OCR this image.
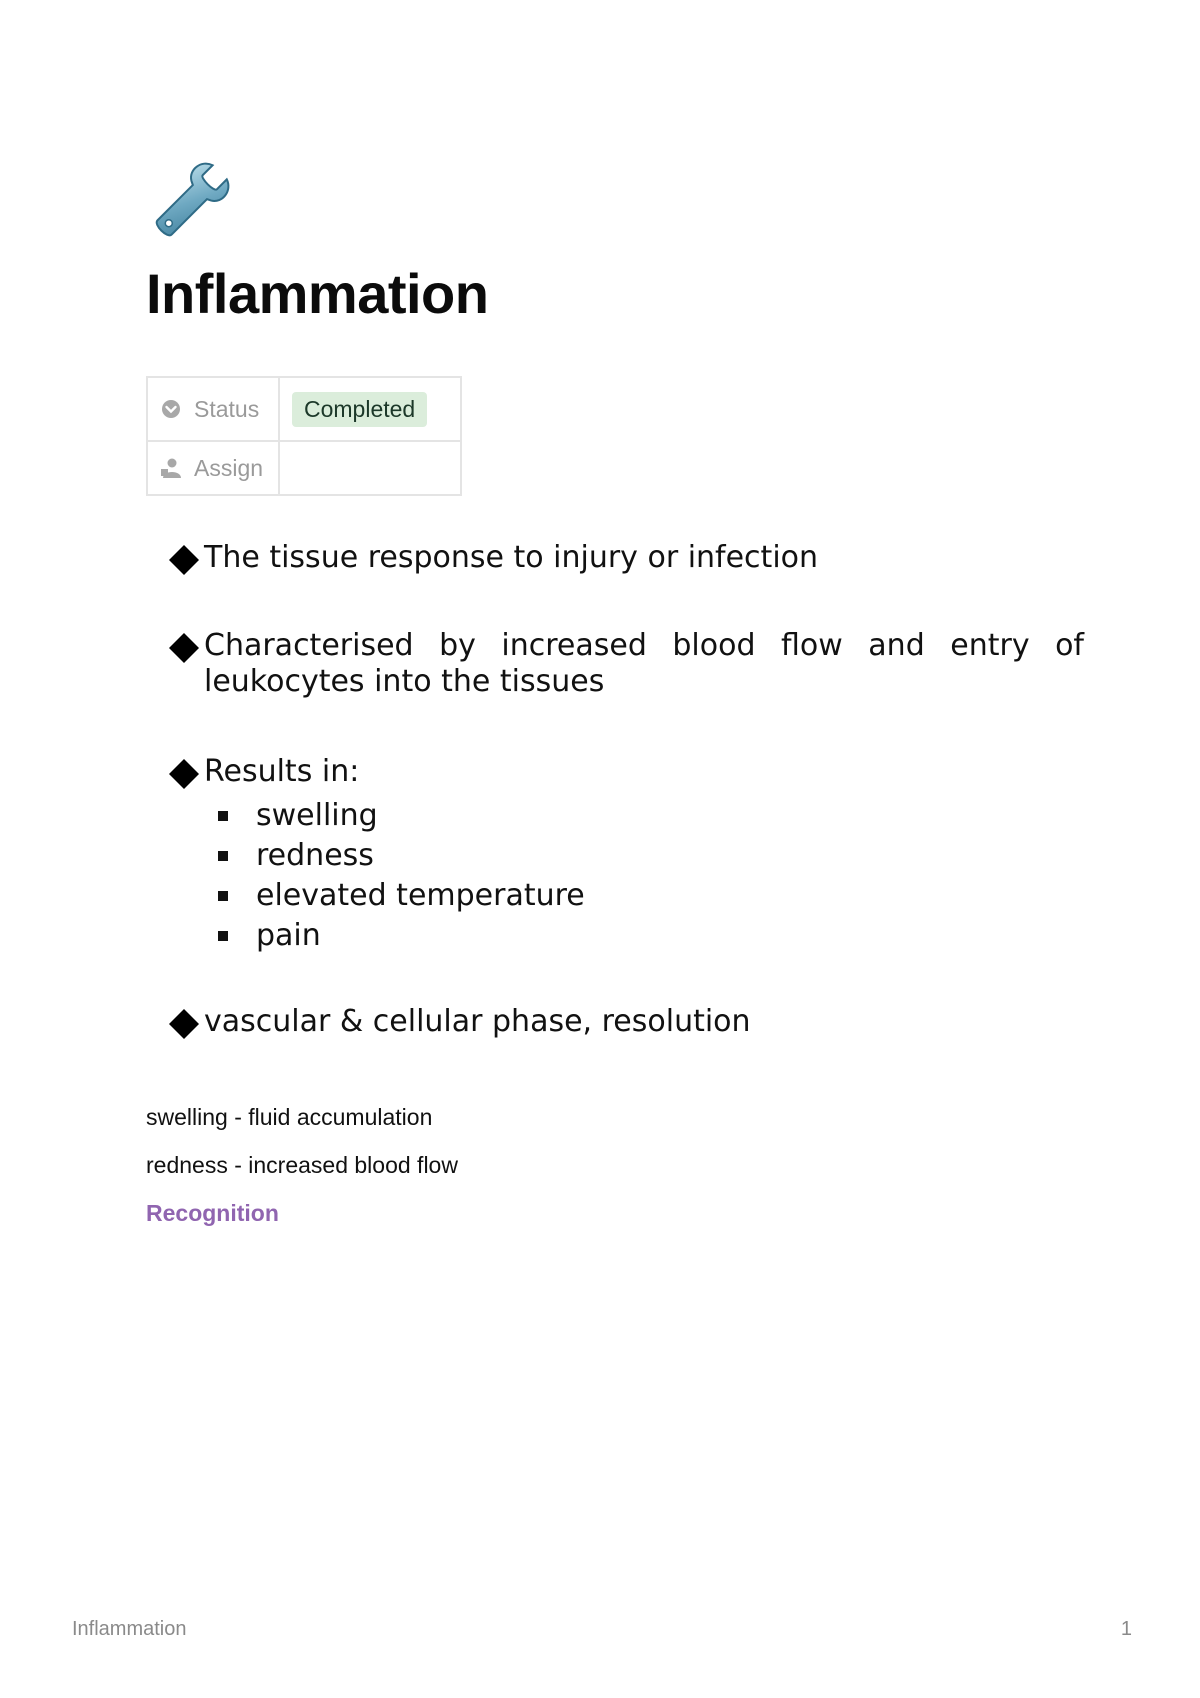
Inflammation
Status	Completed

Assign	

The tissue response to injury or infection

Characterised by increased blood flow and entry of leukocytes into the tissues

Results in:

swelling
redness
elevated temperature
pain

vascular & cellular phase, resolution

swelling - fluid accumulation

redness - increased blood flow

Recognition
Inflammation	1
